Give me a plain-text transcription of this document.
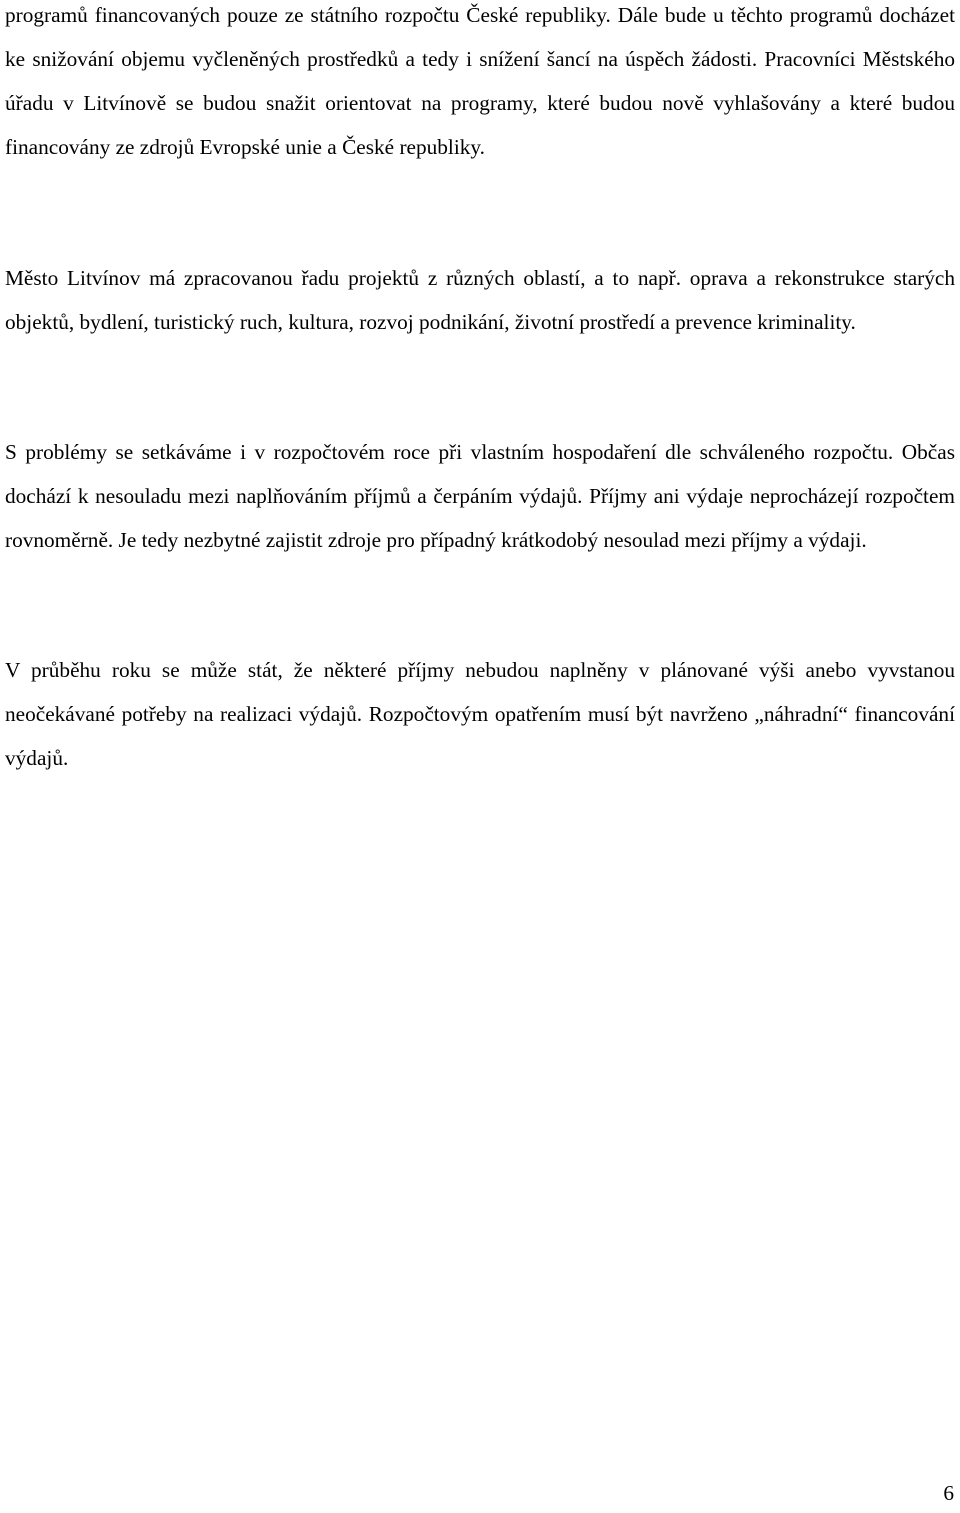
programů financovaných pouze ze státního rozpočtu České republiky. Dále bude u těchto programů docházet ke snižování objemu vyčleněných prostředků a tedy i snížení šancí na úspěch žádosti. Pracovníci Městského úřadu v Litvínově se budou snažit orientovat na programy, které budou nově vyhlašovány a které budou financovány ze zdrojů Evropské unie a České republiky.

Město Litvínov má zpracovanou řadu projektů z různých oblastí, a to např. oprava a rekonstrukce starých objektů, bydlení, turistický ruch, kultura, rozvoj podnikání, životní prostředí a prevence kriminality.

S problémy se setkáváme i v rozpočtovém roce při vlastním hospodaření dle schváleného rozpočtu. Občas dochází k nesouladu mezi naplňováním příjmů a čerpáním výdajů. Příjmy ani výdaje neprocházejí rozpočtem rovnoměrně. Je tedy nezbytné zajistit zdroje pro případný krátkodobý nesoulad mezi příjmy a výdaji.

V průběhu roku se může stát, že některé příjmy nebudou naplněny v plánované výši anebo vyvstanou neočekávané potřeby na realizaci výdajů. Rozpočtovým opatřením musí být navrženo „náhradní“ financování výdajů.

6
